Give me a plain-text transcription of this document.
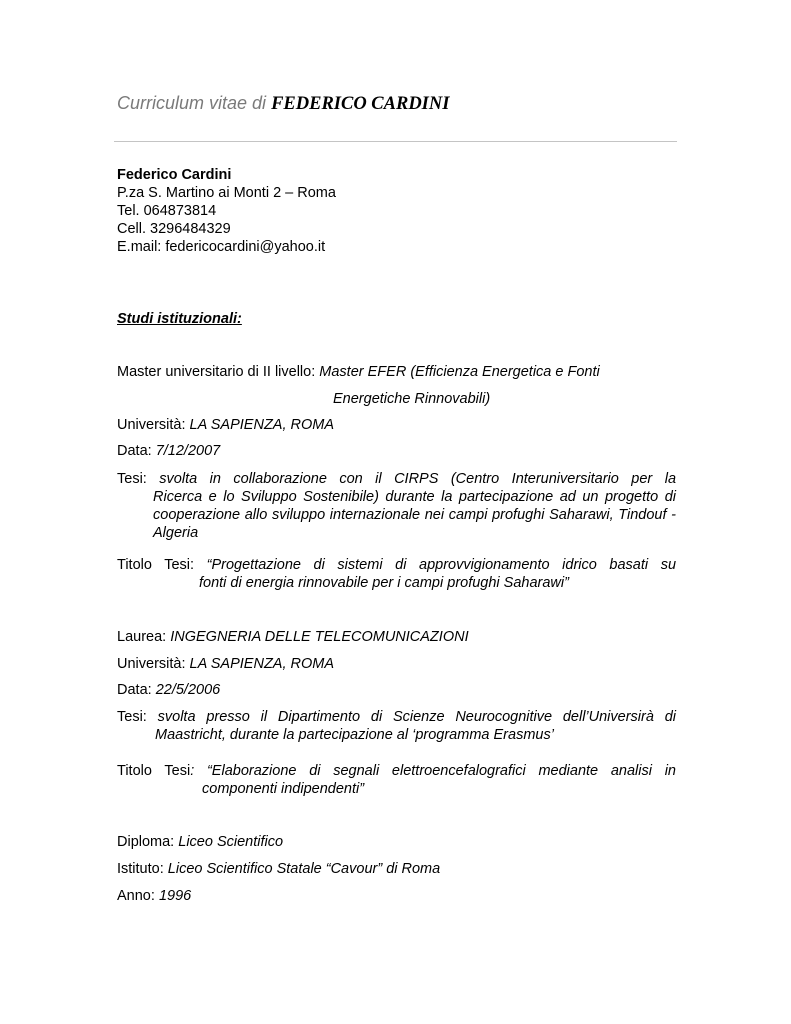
Curriculum vitae di FEDERICO CARDINI
Federico Cardini
P.za S. Martino ai Monti 2 – Roma
Tel. 064873814
Cell. 3296484329
E.mail: federicocardini@yahoo.it
Studi istituzionali:
Master universitario di II livello: Master EFER (Efficienza Energetica e Fonti
Energetiche Rinnovabili)
Università: LA SAPIENZA, ROMA
Data: 7/12/2007
Tesi: svolta in collaborazione con il CIRPS (Centro Interuniversitario per la
Ricerca e lo Sviluppo Sostenibile) durante la partecipazione ad un progetto di cooperazione allo sviluppo internazionale nei campi profughi Saharawi, Tindouf - Algeria
Titolo Tesi: “Progettazione di sistemi di approvvigionamento idrico basati su
fonti di energia rinnovabile per i campi profughi Saharawi”
Laurea: INGEGNERIA DELLE TELECOMUNICAZIONI
Università: LA SAPIENZA, ROMA
Data: 22/5/2006
Tesi: svolta presso il Dipartimento di Scienze Neurocognitive dell’Universirà di
Maastricht, durante la partecipazione al ‘programma Erasmus’
Titolo Tesi: “Elaborazione di segnali elettroencefalografici mediante analisi in
componenti indipendenti”
Diploma: Liceo Scientifico
Istituto: Liceo Scientifico Statale “Cavour” di Roma
Anno: 1996
